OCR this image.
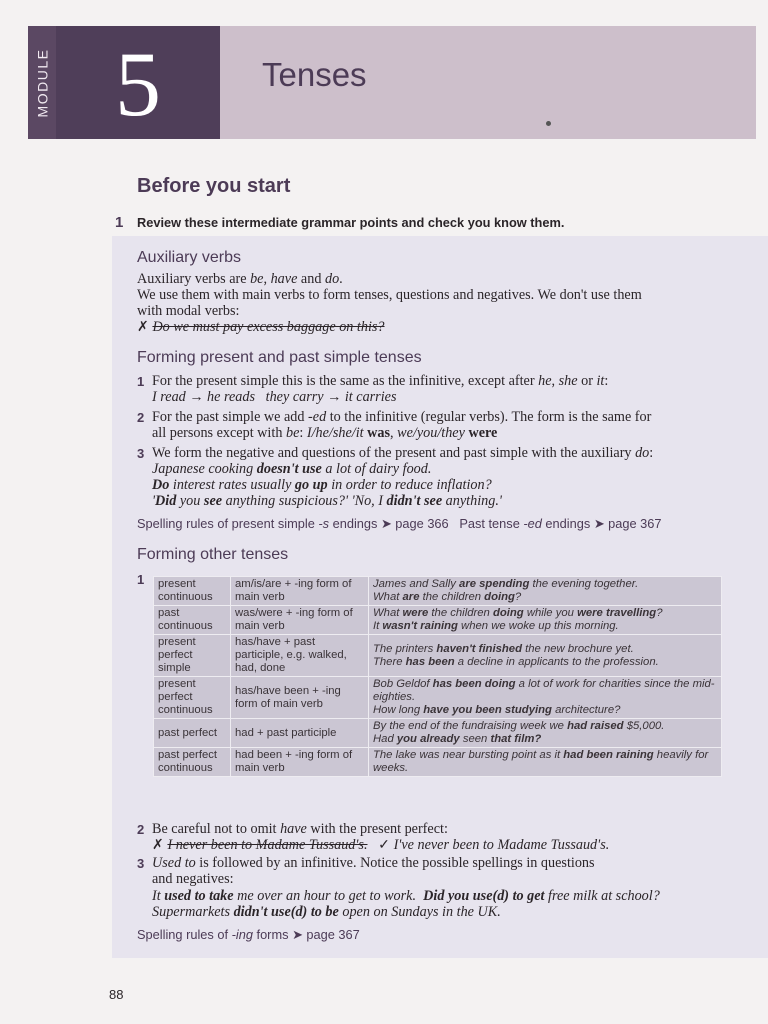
MODULE 5	Tenses
Before you start
1 Review these intermediate grammar points and check you know them.
Auxiliary verbs
Auxiliary verbs are be, have and do.
We use them with main verbs to form tenses, questions and negatives. We don't use them
with modal verbs:
✗ Do we must pay excess baggage on this?
Forming present and past simple tenses
1 For the present simple this is the same as the infinitive, except after he, she or it:
I read → he reads they carry → it carries
2 For the past simple we add -ed to the infinitive (regular verbs). The form is the same for
all persons except with be: I/he/she/it was, we/you/they were
3 We form the negative and questions of the present and past simple with the auxiliary do:
Japanese cooking doesn't use a lot of dairy food.
Do interest rates usually go up in order to reduce inflation?
'Did you see anything suspicious?' 'No, I didn't see anything.'
Spelling rules of present simple -s endings ➤ page 366   Past tense -ed endings ➤ page 367
Forming other tenses
1 present continuous	am/is/are + -ing form of main verb	James and Sally are spending the evening together.
What are the children doing?

past continuous	was/were + -ing form of main verb	What were the children doing while you were travelling?
It wasn't raining when we woke up this morning.

present perfect simple	has/have + past participle, e.g. walked, had, done	The printers haven't finished the new brochure yet.
There has been a decline in applicants to the profession.

present perfect continuous	has/have been + -ing form of main verb	Bob Geldof has been doing a lot of work for charities since the mid-eighties.
How long have you been studying architecture?

past perfect	had + past participle	By the end of the fundraising week we had raised $5,000.
Had you already seen that film?

past perfect continuous	had been + -ing form of main verb	The lake was near bursting point as it had been raining heavily for weeks.
2 Be careful not to omit have with the present perfect:
✗ I never been to Madame Tussaud's. ✓ I've never been to Madame Tussaud's.
3 Used to is followed by an infinitive. Notice the possible spellings in questions
and negatives:
It used to take me over an hour to get to work.  Did you use(d) to get free milk at school?
Supermarkets didn't use(d) to be open on Sundays in the UK.
Spelling rules of -ing forms ➤ page 367
88
